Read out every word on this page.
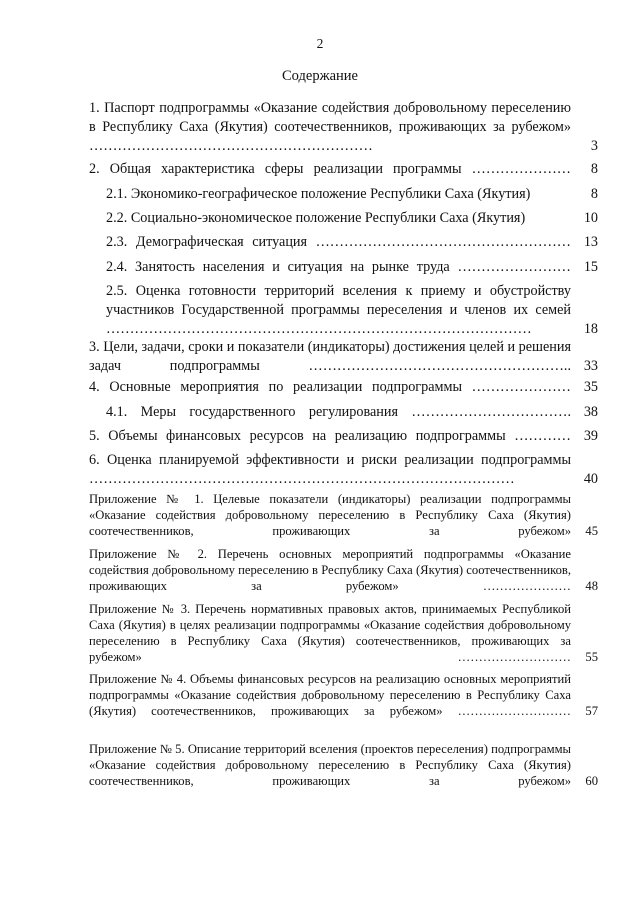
2
Содержание
1. Паспорт подпрограммы «Оказание содействия добровольному переселению в Республику Саха (Якутия) соотечественников, проживающих за рубежом» ……………………………………………………	3
2. Общая характеристика сферы реализации программы …………………	8
2.1. Экономико-географическое положение Республики Саха (Якутия)	8
2.2. Социально-экономическое положение Республики Саха (Якутия)	10
2.3. Демографическая ситуация ……………………………………………… 13
2.4. Занятость населения и ситуация на рынке труда …………………… 15
2.5. Оценка готовности территорий вселения к приему и обустройству участников Государственной программы переселения и членов их семей ………………………………………………………………………………	18
3. Цели, задачи, сроки и показатели (индикаторы) достижения целей и решения задач подпрограммы ……………………………………………….. 33
4. Основные мероприятия по реализации подпрограммы ………………… 35
4.1. Меры государственного регулирования ……………………………. 38
5. Объемы финансовых ресурсов на реализацию подпрограммы ………… 39
6. Оценка планируемой эффективности и риски реализации подпрограммы ………………………………………………………………………………	40
Приложение № 1. Целевые показатели (индикаторы) реализации подпрограммы «Оказание содействия добровольному переселению в Республику Саха (Якутия) соотечественников, проживающих за рубежом»	45
Приложение № 2. Перечень основных мероприятий подпрограммы «Оказание содействия добровольному переселению в Республику Саха (Якутия) соотечественников, проживающих за рубежом» …………………	48
Приложение № 3. Перечень нормативных правовых актов, принимаемых Республикой Саха (Якутия) в целях реализации подпрограммы «Оказание содействия добровольному переселению в Республику Саха (Якутия) соотечественников, проживающих за рубежом» ………………………	55
Приложение № 4. Объемы финансовых ресурсов на реализацию основных мероприятий подпрограммы «Оказание содействия добровольному переселению в Республику Саха (Якутия) соотечественников, проживающих за рубежом» ………………………	57
Приложение № 5. Описание территорий вселения (проектов переселения) подпрограммы «Оказание содействия добровольному переселению в Республику Саха (Якутия) соотечественников, проживающих за рубежом»	60
